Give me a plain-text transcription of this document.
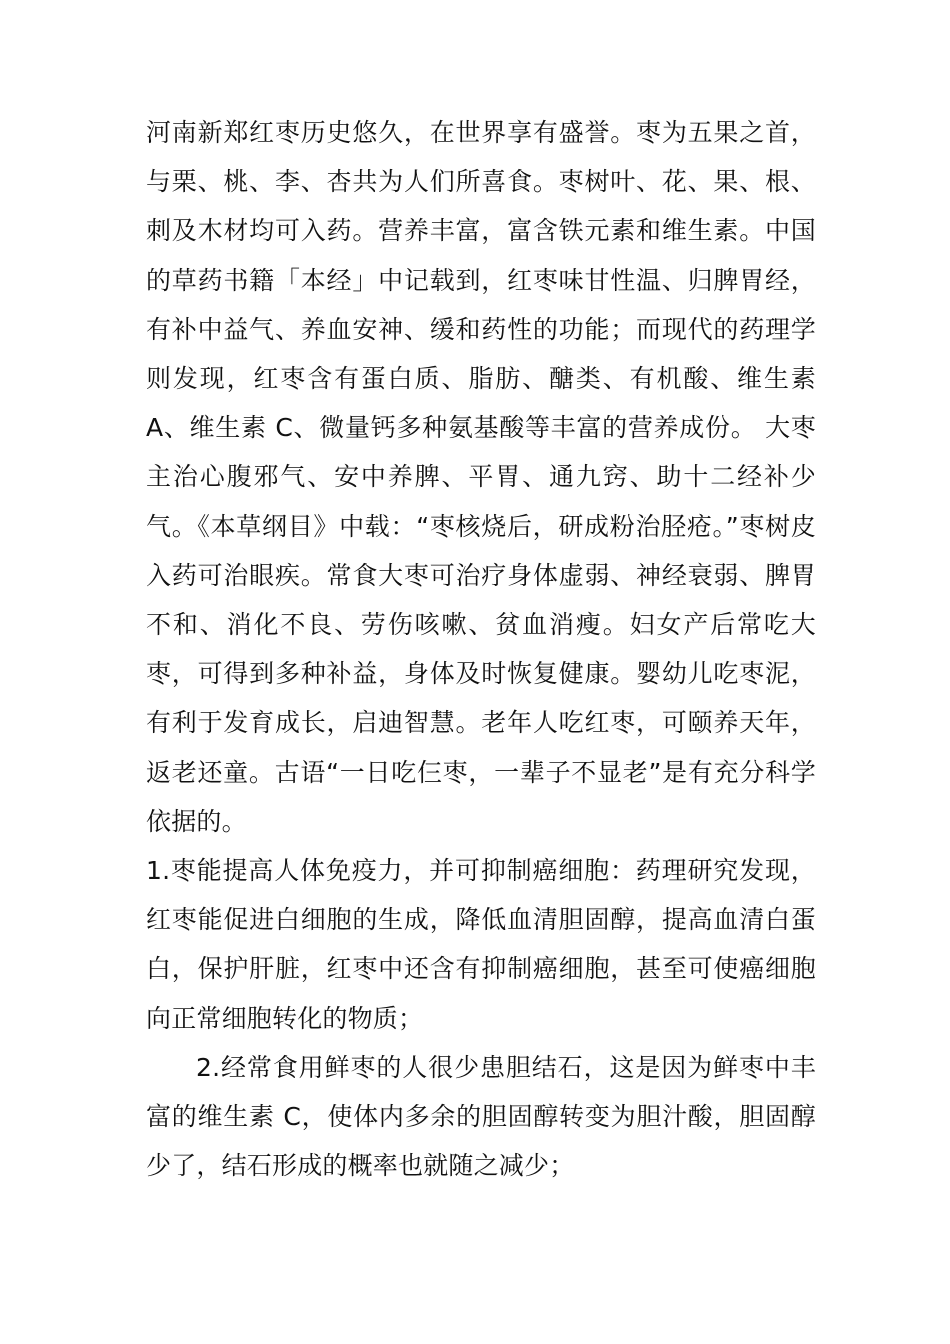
河南新郑红枣历史悠久，在世界享有盛誉。枣为五果之首，与栗、桃、李、杏共为人们所喜食。枣树叶、花、果、根、刺及木材均可入药。营养丰富，富含铁元素和维生素。中国的草药书籍「本经」中记载到，红枣味甘性温、归脾胃经，有补中益气、养血安神、缓和药性的功能；而现代的药理学则发现，红枣含有蛋白质、脂肪、醣类、有机酸、维生素 A、维生素 C、微量钙多种氨基酸等丰富的营养成份。 大枣 主治心腹邪气、安中养脾、平胃、通九窍、助十二经补少气。《本草纲目》中载：“枣核烧后，研成粉治胫疮。”枣树皮入药可治眼疾。常食大枣可治疗身体虚弱、神经衰弱、脾胃不和、消化不良、劳伤咳嗽、贫血消瘦。妇女产后常吃大枣，可得到多种补益，身体及时恢复健康。婴幼儿吃枣泥，有利于发育成长，启迪智慧。老年人吃红枣，可颐养天年，返老还童。古语“一日吃仨枣，一辈子不显老”是有充分科学依据的。

1.枣能提高人体免疫力，并可抑制癌细胞：药理研究发现，红枣能促进白细胞的生成，降低血清胆固醇，提高血清白蛋白，保护肝脏，红枣中还含有抑制癌细胞，甚至可使癌细胞向正常细胞转化的物质；

2.经常食用鲜枣的人很少患胆结石，这是因为鲜枣中丰富的维生素 C，使体内多余的胆固醇转变为胆汁酸，胆固醇少了，结石形成的概率也就随之减少；
